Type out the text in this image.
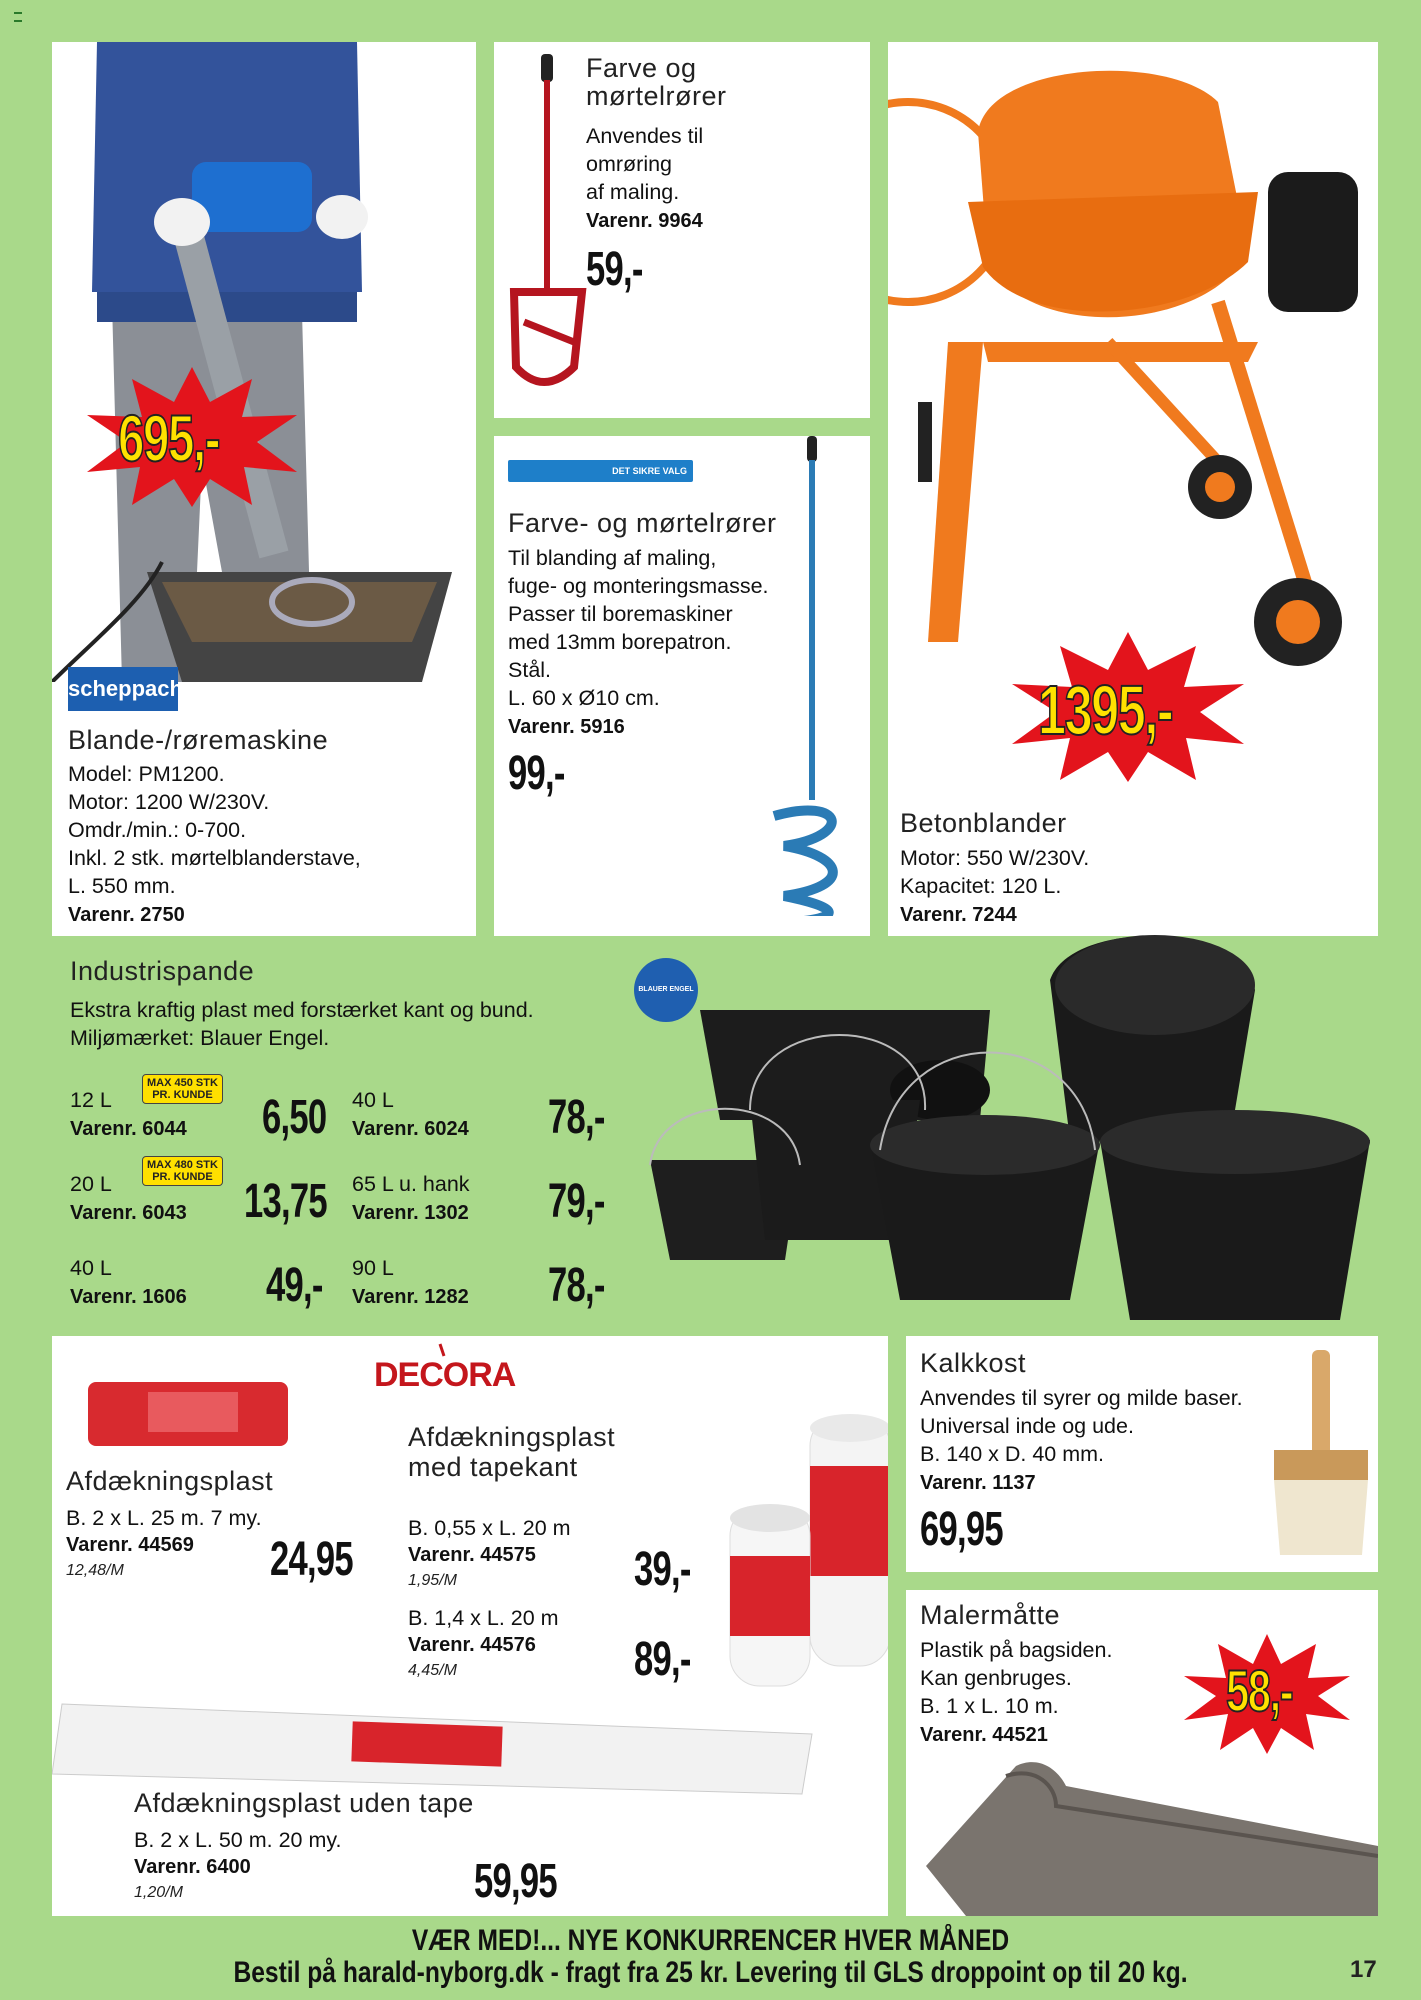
695,-
scheppach
Blande-/røremaskine
Model: PM1200.
Motor: 1200 W/230V.
Omdr./min.: 0-700.
Inkl. 2 stk. mørtelblanderstave,
L. 550 mm.
Varenr. 2750
Farve og
mørtelrører
Anvendes til
omrøring
af maling.
Varenr. 9964
59,-
DET SIKRE VALG
Farve- og mørtelrører
Til blanding af maling,
fuge- og monteringsmasse.
Passer til boremaskiner
med 13mm borepatron.
Stål.
L. 60 x Ø10 cm.
Varenr. 5916
99,-
1395,-
Betonblander
Motor: 550 W/230V.
Kapacitet: 120 L.
Varenr. 7244
Industrispande
Ekstra kraftig plast med forstærket kant og bund.
Miljømærket: Blauer Engel.
12 L
Varenr. 6044
MAX 450 STK
PR. KUNDE 6,50
20 L
Varenr. 6043
MAX 480 STK
PR. KUNDE 13,75
40 L
Varenr. 1606 49,-
40 L
Varenr. 6024 78,-
65 L u. hank
Varenr. 1302 79,-
90 L
Varenr. 1282 78,-
BLAUER ENGEL
DECORA
Afdækningsplast
B. 2 x L. 25 m. 7 my.
Varenr. 44569
12,48/M	24,95
Afdækningsplast
med tapekant
B. 0,55 x L. 20 m
Varenr. 44575
1,95/M	39,-
B. 1,4 x L. 20 m
Varenr. 44576
4,45/M	89,-
Afdækningsplast uden tape
B. 2 x L. 50 m. 20 my.
Varenr. 6400
1,20/M	59,95
Kalkkost
Anvendes til syrer og milde baser.
Universal inde og ude.
B. 140 x D. 40 mm.
Varenr. 1137
69,95
Malermåtte
Plastik på bagsiden.
Kan genbruges.
B. 1 x L. 10 m.
Varenr. 44521
58,-
VÆR MED!... NYE KONKURRENCER HVER MÅNED
Bestil på harald-nyborg.dk - fragt fra 25 kr. Levering til GLS droppoint op til 20 kg.	17
